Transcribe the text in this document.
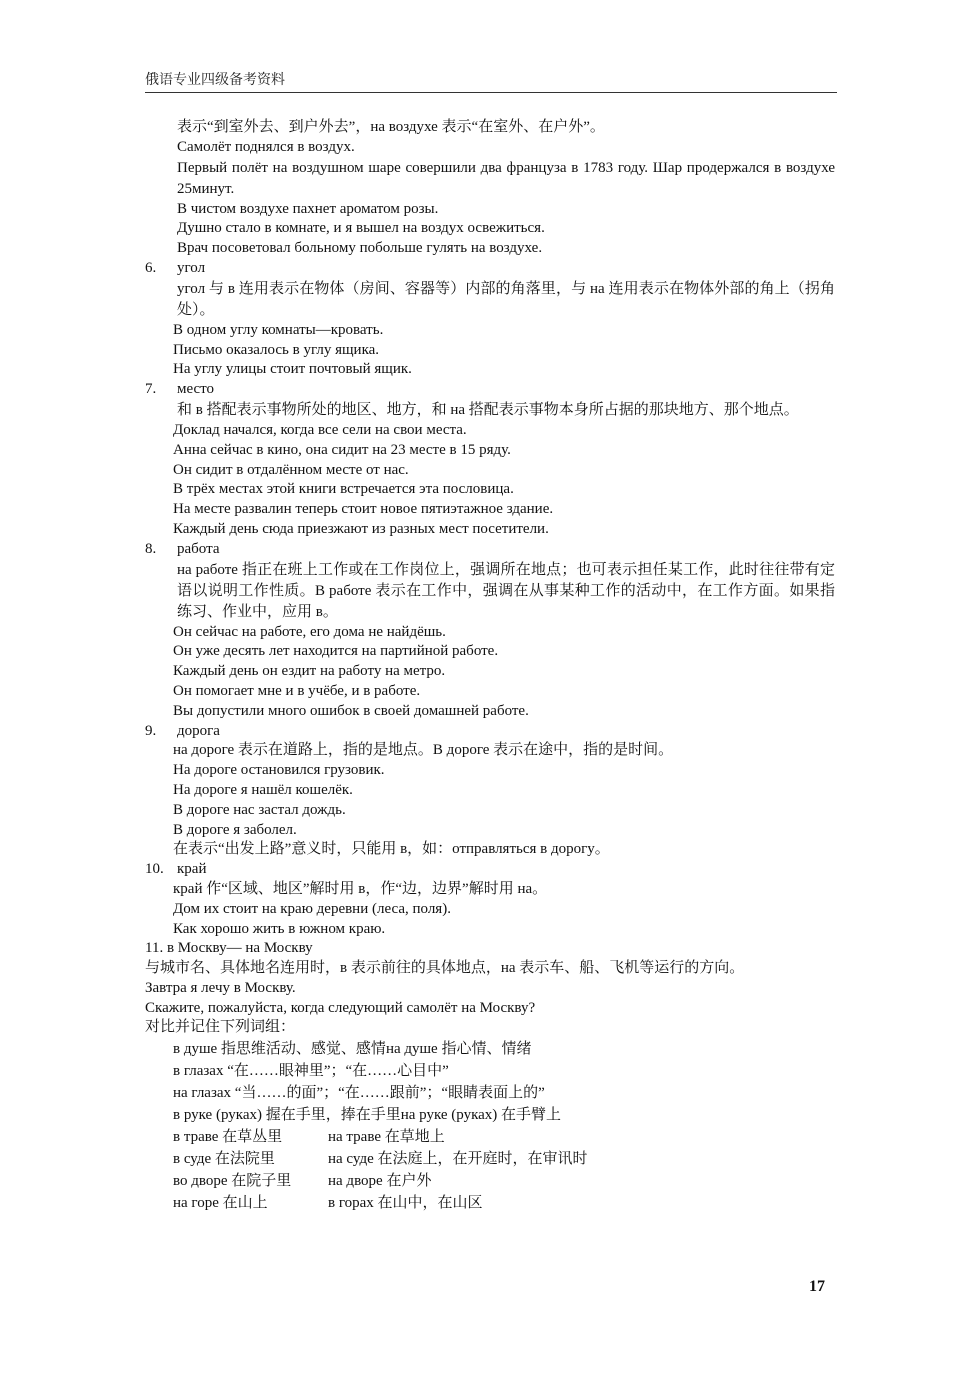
俄语专业四级备考资料
表示“到室外去、到户外去”，на воздухе 表示“在室外、在户外”。
Самолёт поднялся в воздух.
Первый полёт на воздушном шаре совершили два француза в 1783 году. Шар продержался в воздухе 25минут.
В чистом воздухе пахнет ароматом розы.
Душно стало в комнате, и я вышел на воздух освежиться.
Врач посоветовал больному побольше гулять на воздухе.
6. угол
угол 与 в 连用表示在物体（房间、容器等）内部的角落里，与 на 连用表示在物体外部的角上（拐角处）。
В одном углу комнаты—кровать.
Письмо оказалось в углу ящика.
На углу улицы стоит почтовый ящик.
7. место
和 в 搭配表示事物所处的地区、地方，和 на 搭配表示事物本身所占据的那块地方、那个地点。
Доклад начался, когда все сели на свои места.
Анна сейчас в кино, она сидит на 23 месте в 15 ряду.
Он сидит в отдалённом месте от нас.
В трёх местах этой книги встречается эта пословица.
На месте развалин теперь стоит новое пятиэтажное здание.
Каждый день сюда приезжают из разных мест посетители.
8. работа
на работе 指正在班上工作或在工作岗位上，强调所在地点；也可表示担任某工作，此时往往带有定语以说明工作性质。В работе 表示在工作中，强调在从事某种工作的活动中，在工作方面。如果指练习、作业中，应用 в。
Он сейчас на работе, его дома не найдёшь.
Он уже десять лет находится на партийной работе.
Каждый день он ездит на работу на метро.
Он помогает мне и в учёбе, и в работе.
Вы допустили много ошибок в своей домашней работе.
9. дорога
на дороге 表示在道路上，指的是地点。В дороге 表示在途中，指的是时间。
На дороге остановился грузовик.
На дороге я нашёл кошелёк.
В дороге нас застал дождь.
В дороге я заболел.
在表示“出发上路”意义时，只能用 в，如：отправляться в дорогу。
10. край
край 作“区域、地区”解时用 в，作“边，边界”解时用 на。
Дом их стоит на краю деревни (леса, поля).
Как хорошо жить в южном краю.
11. в Москву— на Москву
与城市名、具体地名连用时，в 表示前往的具体地点，на 表示车、船、飞机等运行的方向。
Завтра я лечу в Москву.
Скажите, пожалуйста, когда следующий самолёт на Москву?
对比并记住下列词组：
в душе 指思维活动、感觉、感情на душе 指心情、情绪
в глазах “在……眼神里”；“在……心目中”
на глазах “当……的面”；“在……跟前”；“眼睛表面上的”
в руке (руках) 握在手里，捧在手里на руке (руках) 在手臂上
в траве 在草丛里	на траве 在草地上
в суде 在法院里	на суде 在法庭上，在开庭时，在审讯时
во дворе 在院子里 на дворе 在户外
на горе 在山上	в горах 在山中，在山区
17
